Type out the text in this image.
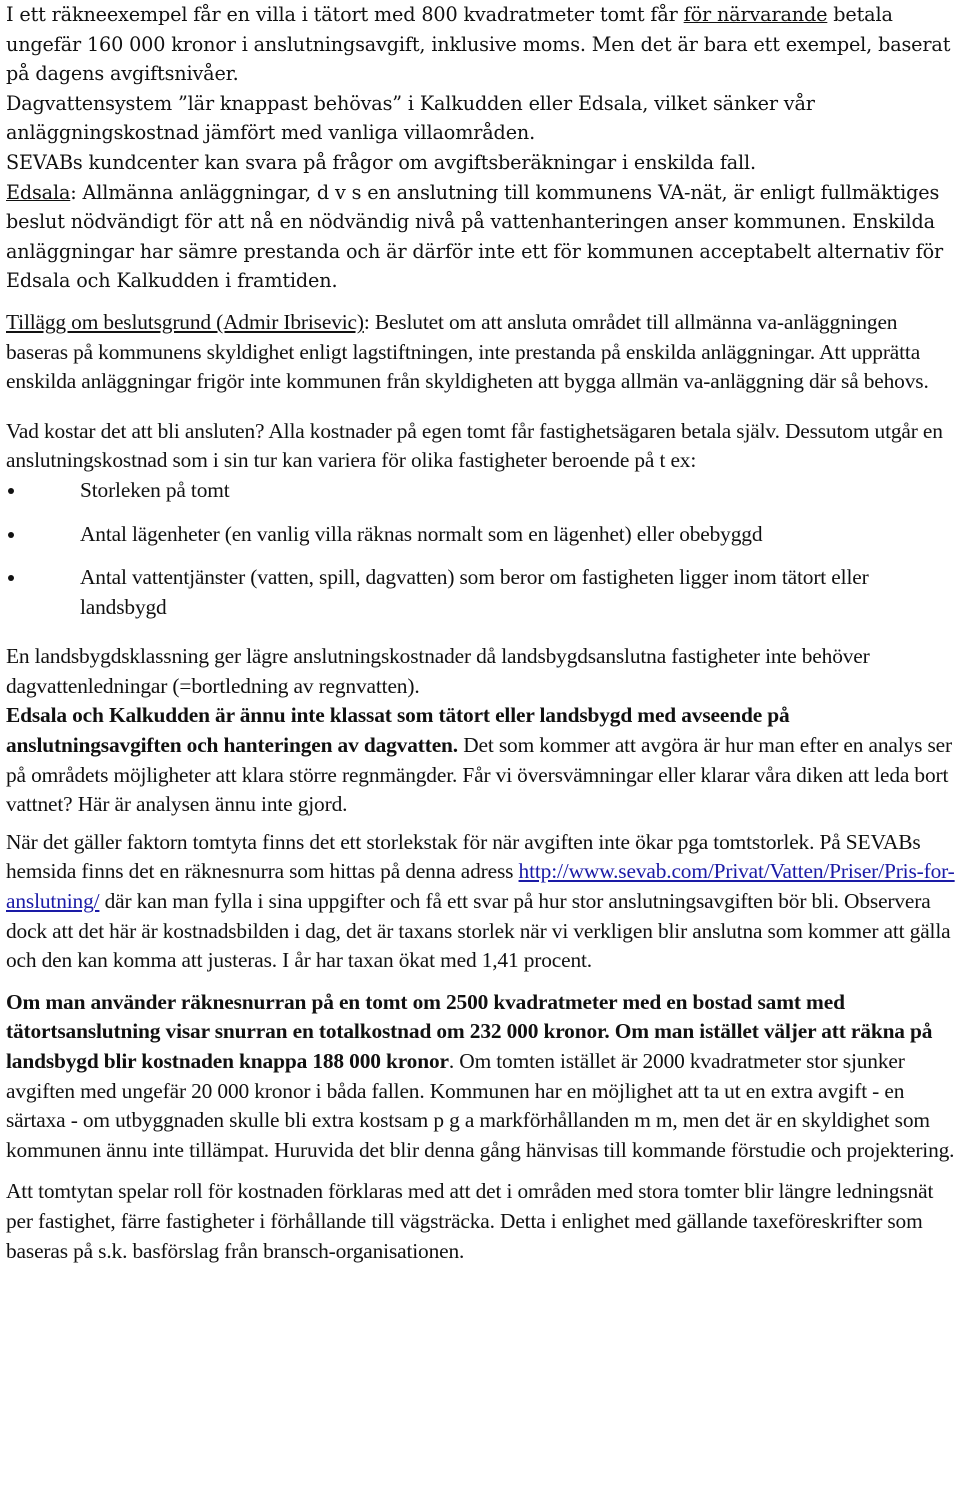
I ett räkneexempel får en villa i tätort med 800 kvadratmeter tomt får för närvarande betala ungefär 160 000 kronor i anslutningsavgift, inklusive moms. Men det är bara ett exempel, baserat på dagens avgiftsnivåer.

Dagvattensystem ”lär knappast behövas” i Kalkudden eller Edsala, vilket sänker vår anläggningskostnad jämfört med vanliga villaområden.

SEVABs kundcenter kan svara på frågor om avgiftsberäkningar i enskilda fall.

Edsala: Allmänna anläggningar, d v s en anslutning till kommunens VA-nät, är enligt fullmäktiges beslut nödvändigt för att nå en nödvändig nivå på vattenhanteringen anser kommunen. Enskilda anläggningar har sämre prestanda och är därför inte ett för kommunen acceptabelt alternativ för Edsala och Kalkudden i framtiden.

Tillägg om beslutsgrund (Admir Ibrisevic): Beslutet om att ansluta området till allmänna va-anläggningen baseras på kommunens skyldighet enligt lagstiftningen, inte prestanda på enskilda anläggningar. Att upprätta enskilda anläggningar frigör inte kommunen från skyldigheten att bygga allmän va-anläggning där så behovs.

Vad kostar det att bli ansluten? Alla kostnader på egen tomt får fastighetsägaren betala själv. Dessutom utgår en anslutningskostnad som i sin tur kan variera för olika fastigheter beroende på t ex:

Storleken på tomt
Antal lägenheter (en vanlig villa räknas normalt som en lägenhet) eller obebyggd
Antal vattentjänster (vatten, spill, dagvatten) som beror om fastigheten ligger inom tätort eller landsbygd

En landsbygdsklassning ger lägre anslutningskostnader då landsbygdsanslutna fastigheter inte behöver dagvattenledningar (=bortledning av regnvatten).
Edsala och Kalkudden är ännu inte klassat som tätort eller landsbygd med avseende på anslutningsavgiften och hanteringen av dagvatten. Det som kommer att avgöra är hur man efter en analys ser på områdets möjligheter att klara större regnmängder. Får vi översvämningar eller klarar våra diken att leda bort vattnet? Här är analysen ännu inte gjord.

När det gäller faktorn tomtyta finns det ett storlekstak för när avgiften inte ökar pga tomtstorlek. På SEVABs hemsida finns det en räknesnurra som hittas på denna adress http://www.sevab.com/Privat/Vatten/Priser/Pris-for-anslutning/ där kan man fylla i sina uppgifter och få ett svar på hur stor anslutningsavgiften bör bli. Observera dock att det här är kostnadsbilden i dag, det är taxans storlek när vi verkligen blir anslutna som kommer att gälla och den kan komma att justeras. I år har taxan ökat med 1,41 procent.

Om man använder räknesnurran på en tomt om 2500 kvadratmeter med en bostad samt med tätortsanslutning visar snurran en totalkostnad om 232 000 kronor. Om man istället väljer att räkna på landsbygd blir kostnaden knappa 188 000 kronor. Om tomten istället är 2000 kvadratmeter stor sjunker avgiften med ungefär 20 000 kronor i båda fallen. Kommunen har en möjlighet att ta ut en extra avgift - en särtaxa - om utbyggnaden skulle bli extra kostsam p g a markförhållanden m m, men det är en skyldighet som kommunen ännu inte tillämpat. Huruvida det blir denna gång hänvisas till kommande förstudie och projektering.

Att tomtytan spelar roll för kostnaden förklaras med att det i områden med stora tomter blir längre ledningsnät per fastighet, färre fastigheter i förhållande till vägsträcka. Detta i enlighet med gällande taxeföreskrifter som baseras på s.k. basförslag från bransch-organisationen.
